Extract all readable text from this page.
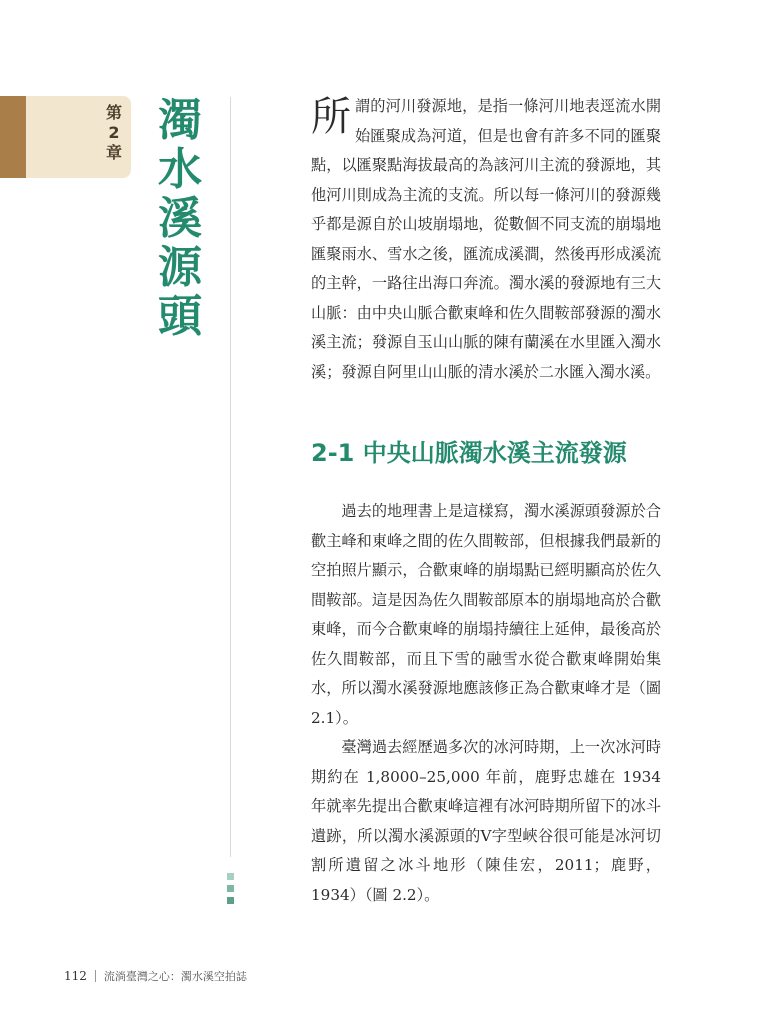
第
2
章
濁
水
溪
源
頭

所謂的河川發源地，是指一條河川地表逕流水開始匯聚成為河道，但是也會有許多不同的匯聚點，以匯聚點海拔最高的為該河川主流的發源地，其他河川則成為主流的支流。所以每一條河川的發源幾乎都是源自於山坡崩塌地，從數個不同支流的崩塌地匯聚雨水、雪水之後，匯流成溪澗，然後再形成溪流的主幹，一路往出海口奔流。濁水溪的發源地有三大山脈：由中央山脈合歡東峰和佐久間鞍部發源的濁水溪主流；發源自玉山山脈的陳有蘭溪在水里匯入濁水溪；發源自阿里山山脈的清水溪於二水匯入濁水溪。

2-1 中央山脈濁水溪主流發源

過去的地理書上是這樣寫，濁水溪源頭發源於合歡主峰和東峰之間的佐久間鞍部，但根據我們最新的空拍照片顯示，合歡東峰的崩塌點已經明顯高於佐久間鞍部。這是因為佐久間鞍部原本的崩塌地高於合歡東峰，而今合歡東峰的崩塌持續往上延伸，最後高於佐久間鞍部，而且下雪的融雪水從合歡東峰開始集水，所以濁水溪發源地應該修正為合歡東峰才是（圖 2.1）。

臺灣過去經歷過多次的冰河時期，上一次冰河時期約在 1,8000–25,000 年前，鹿野忠雄在 1934 年就率先提出合歡東峰這裡有冰河時期所留下的冰斗遺跡，所以濁水溪源頭的V字型峽谷很可能是冰河切割所遺留之冰斗地形（陳佳宏，2011；鹿野，1934）（圖 2.2）。

112 流淌臺灣之心：濁水溪空拍誌
